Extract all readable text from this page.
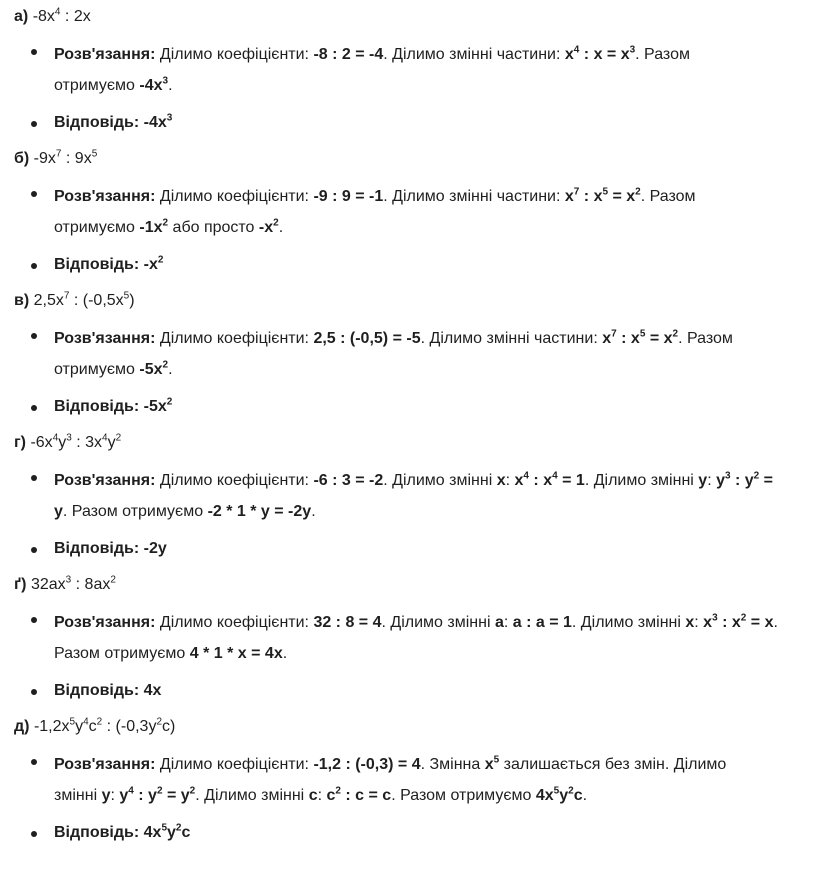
а) $-8x^4$ : 2x
Розв'язання: Ділимо коефіцієнти: -8 : 2 = -4. Ділимо змінні частини: $x^4$ : $x = x^3$. Разом
отримуємо $-4x^3$.
Відповідь: $-4x^3$
б) $-9x^7$ : $9x^5$
Розв'язання: Ділимо коефіцієнти: -9 : 9 = -1. Ділимо змінні частини: $x^7$ : $x^5 = x^2$. Разом
отримуємо $-1x^2$ або просто $-x^2$.
Відповідь: $-x^2$
в) $2,5x^7$ : $(-0,5x^5)$
Розв'язання: Ділимо коефіцієнти: 2,5 : (-0,5) = -5. Ділимо змінні частини: $x^7$ : $x^5 = x^2$. Разом
отримуємо $-5x^2$.
Відповідь: $-5x^2$
г) $-6x^4y^3$ : $3x^4y^2$
Розв'язання: Ділимо коефіцієнти: -6 : 3 = -2. Ділимо змінні x: $x^4$ : $x^4 = 1$. Ділимо змінні y: $y^3$ : $y^2$ =
y. Разом отримуємо -2 * 1 * y = -2y.
Відповідь: -2y
ґ) $32ax^3$ : $8ax^2$
Розв'язання: Ділимо коефіцієнти: 32 : 8 = 4. Ділимо змінні a: a : a = 1. Ділимо змінні x: $x^3$ : $x^2 = x$.
Разом отримуємо 4 * 1 * x = 4x.
Відповідь: 4x
д) $-1,2x^5y^4c^2$ : $(-0,3y^2c)$
Розв'язання: Ділимо коефіцієнти: -1,2 : (-0,3) = 4. Змінна $x^5$ залишається без змін. Ділимо
змінні y: $y^4$ : $y^2 = y^2$. Ділимо змінні c: $c^2$ : c = c. Разом отримуємо $4x^5y^2c$.
Відповідь: $4x^5y^2c$
